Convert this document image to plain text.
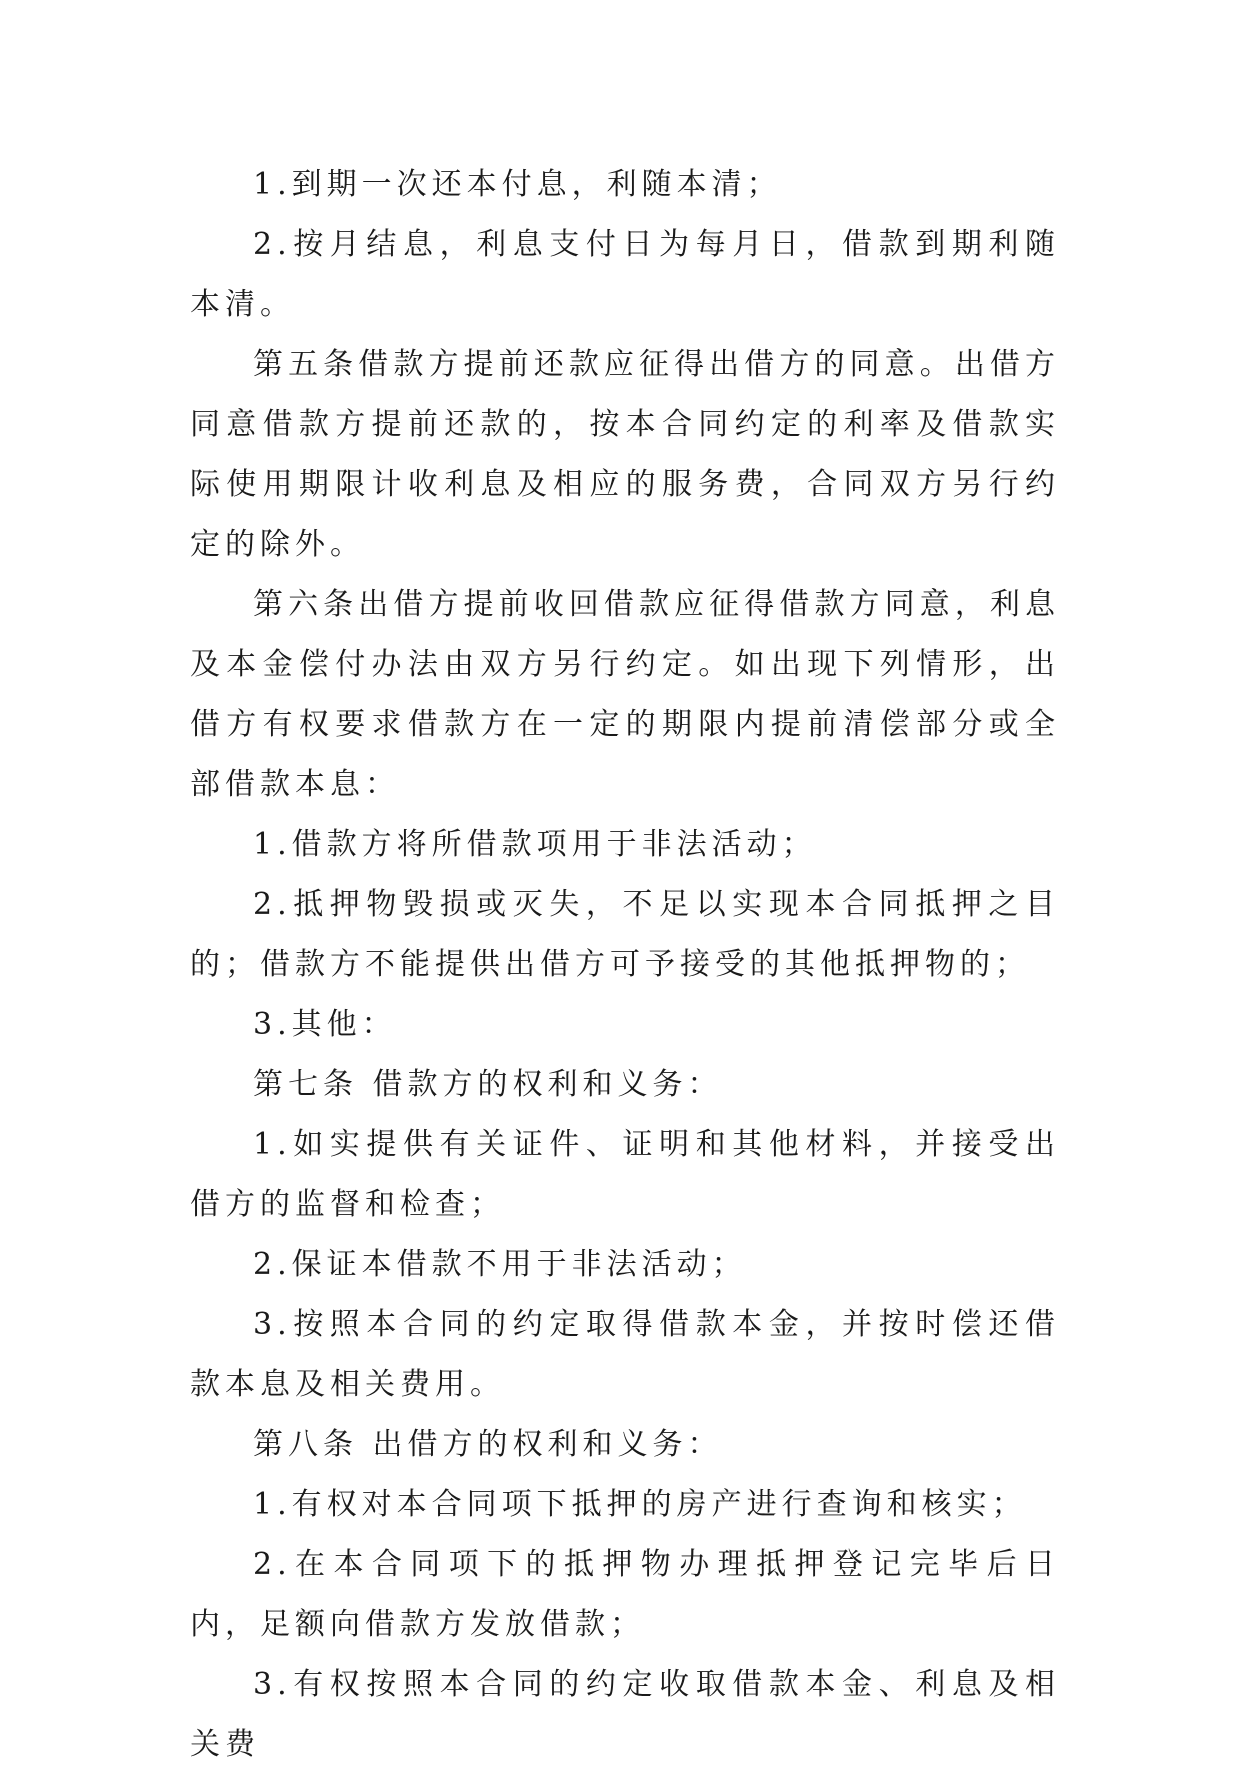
1.到期一次还本付息，利随本清；

2.按月结息，利息支付日为每月日，借款到期利随本清。

第五条借款方提前还款应征得出借方的同意。出借方同意借款方提前还款的，按本合同约定的利率及借款实际使用期限计收利息及相应的服务费，合同双方另行约定的除外。

第六条出借方提前收回借款应征得借款方同意，利息及本金偿付办法由双方另行约定。如出现下列情形，出借方有权要求借款方在一定的期限内提前清偿部分或全部借款本息：

1.借款方将所借款项用于非法活动；

2.抵押物毁损或灭失，不足以实现本合同抵押之目的；借款方不能提供出借方可予接受的其他抵押物的；

3.其他：

第七条 借款方的权利和义务：

1.如实提供有关证件、证明和其他材料，并接受出借方的监督和检查；

2.保证本借款不用于非法活动；

3.按照本合同的约定取得借款本金，并按时偿还借款本息及相关费用。

第八条 出借方的权利和义务：

1.有权对本合同项下抵押的房产进行查询和核实；

2.在本合同项下的抵押物办理抵押登记完毕后日内，足额向借款方发放借款；

3.有权按照本合同的约定收取借款本金、利息及相关费
